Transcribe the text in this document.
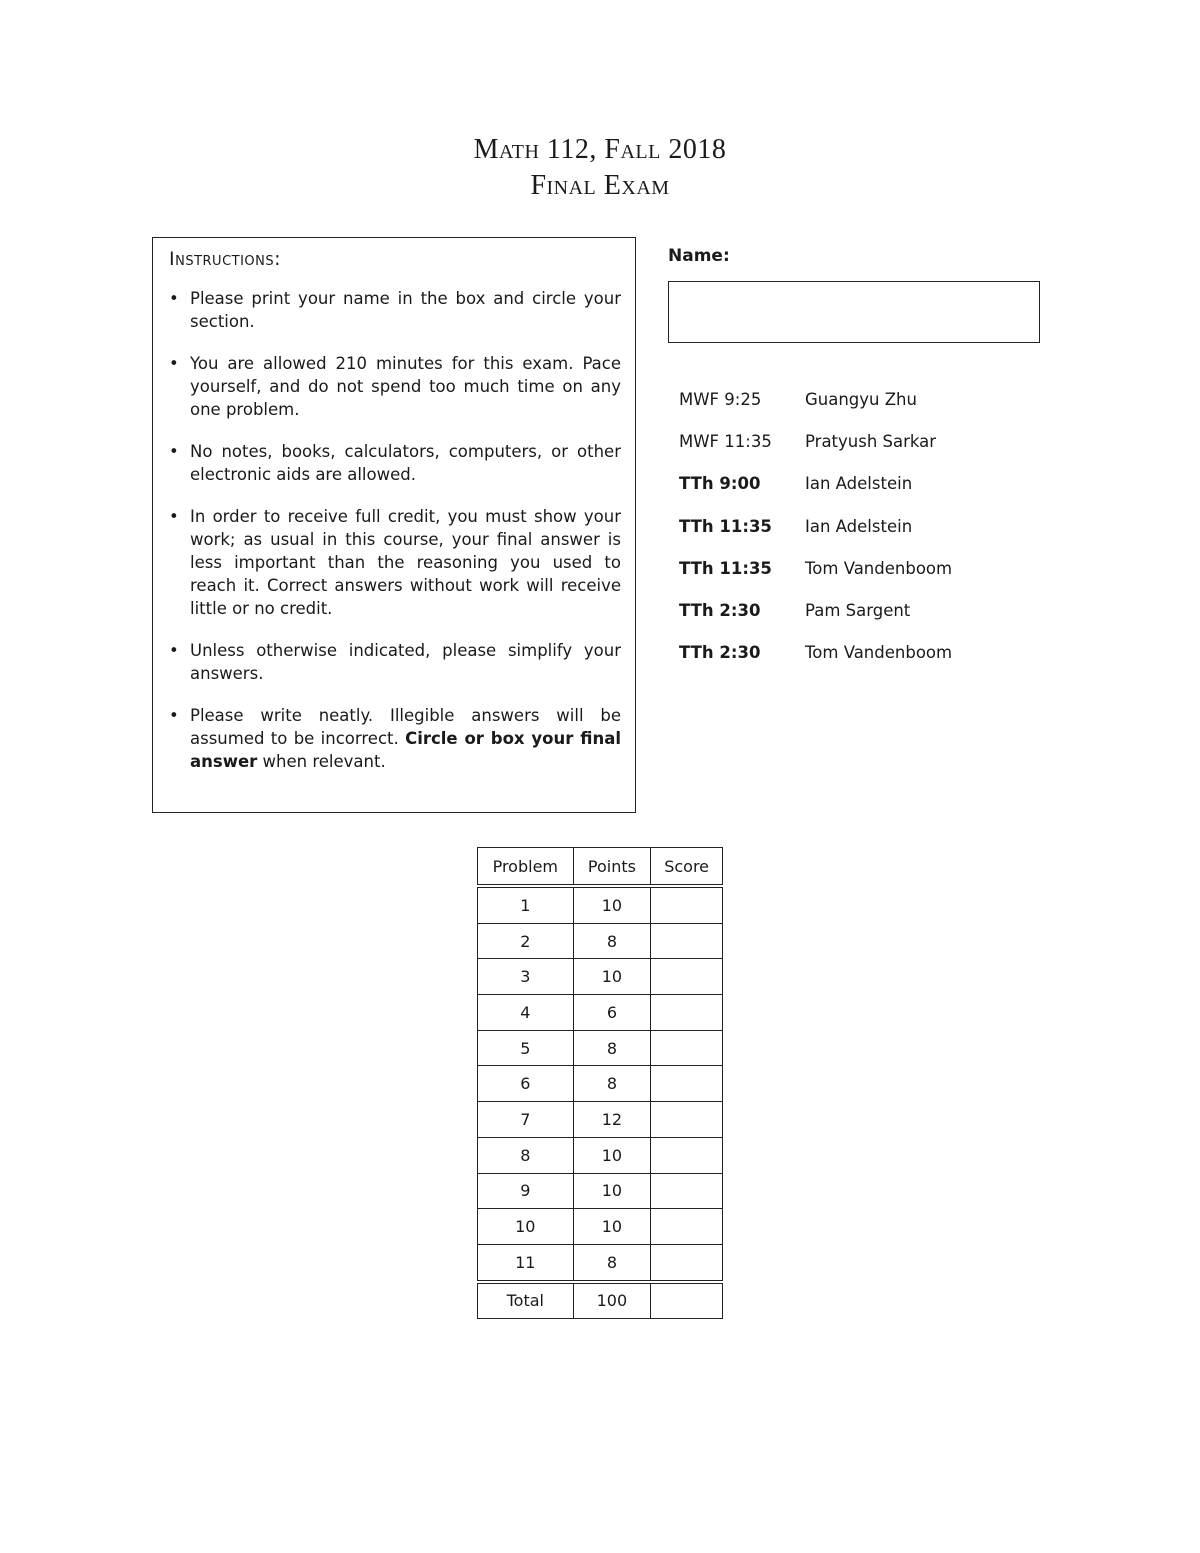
Math 112, Fall 2018
Final Exam
Instructions:
• Please print your name in the box and circle your section.
• You are allowed 210 minutes for this exam. Pace yourself, and do not spend too much time on any one problem.
• No notes, books, calculators, computers, or other electronic aids are allowed.
• In order to receive full credit, you must show your work; as usual in this course, your final answer is less important than the reasoning you used to reach it. Correct answers without work will receive little or no credit.
• Unless otherwise indicated, please simplify your answers.
• Please write neatly. Illegible answers will be assumed to be incorrect. Circle or box your final answer when relevant.
Name:
MWF 9:25	Guangyu Zhu
MWF 11:35	Pratyush Sarkar
TTh 9:00	Ian Adelstein
TTh 11:35	Ian Adelstein
TTh 11:35	Tom Vandenboom
TTh 2:30	Pam Sargent
TTh 2:30	Tom Vandenboom
Problem	Points	Score
1	10	
2	8	
3	10	
4	6	
5	8	
6	8	
7	12	
8	10	
9	10	
10	10	
11	8	
Total	100	
